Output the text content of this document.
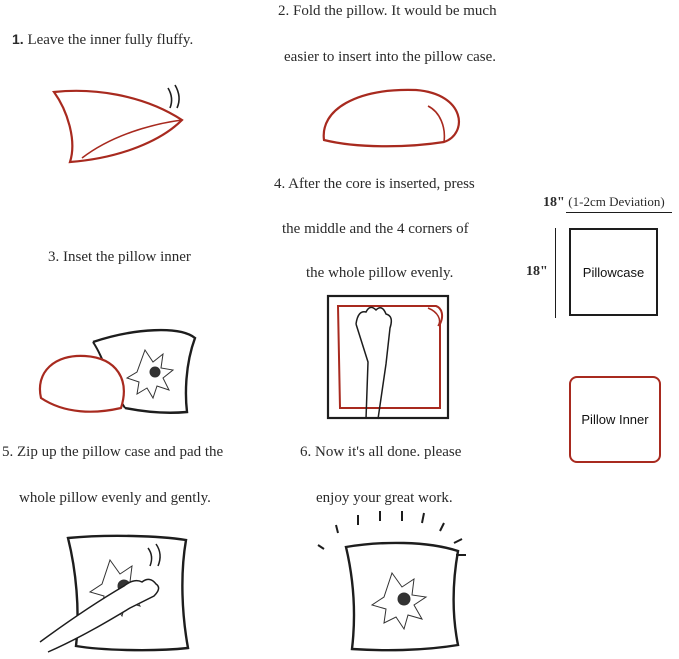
1. Leave the inner fully fluffy.
2. Fold the pillow. It would be much
easier to insert into the pillow case.
3. Inset the pillow inner
4. After the core is inserted, press
the middle and the 4 corners of
the whole pillow evenly.
5. Zip up the pillow case and pad the
whole pillow evenly and gently.
6. Now it's all done. please
enjoy your great work.
18" (1-2cm Deviation)
18"	Pillowcase
Pillow Inner
